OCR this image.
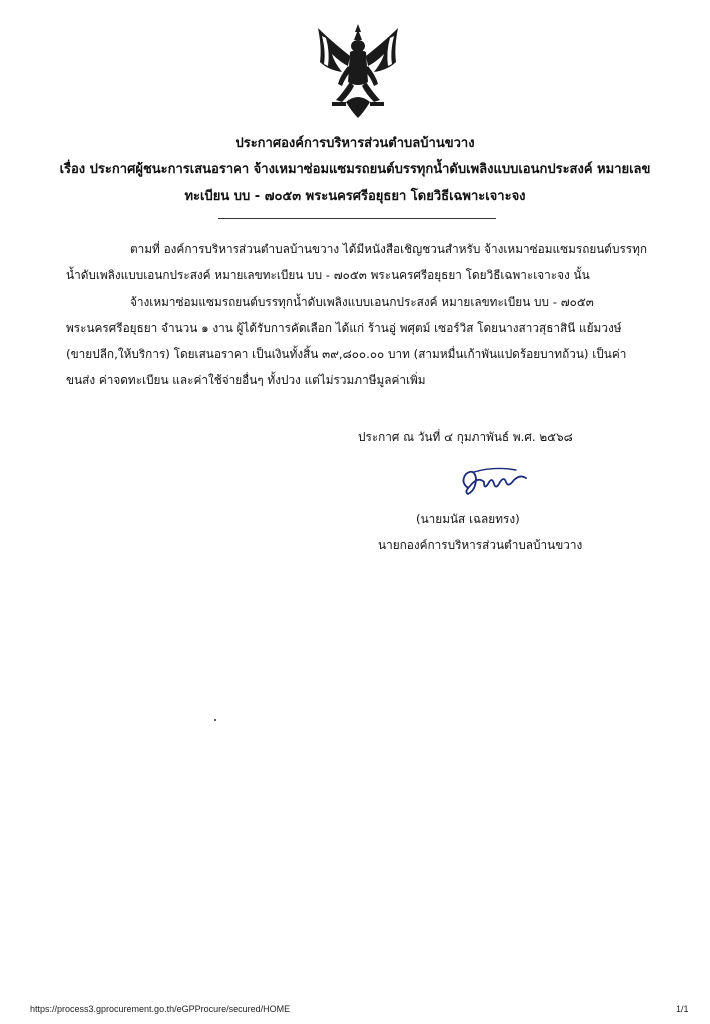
ประกาศองค์การบริหารส่วนตำบลบ้านขวาง
เรื่อง ประกาศผู้ชนะการเสนอราคา จ้างเหมาซ่อมแซมรถยนต์บรรทุกน้ำดับเพลิงแบบเอนกประสงค์ หมายเลข
ทะเบียน บบ - ๗๐๕๓ พระนครศรีอยุธยา โดยวิธีเฉพาะเจาะจง
ตามที่ องค์การบริหารส่วนตำบลบ้านขวาง ได้มีหนังสือเชิญชวนสำหรับ จ้างเหมาซ่อมแซมรถยนต์บรรทุก
น้ำดับเพลิงแบบเอนกประสงค์ หมายเลขทะเบียน บบ - ๗๐๕๓ พระนครศรีอยุธยา โดยวิธีเฉพาะเจาะจง นั้น
จ้างเหมาซ่อมแซมรถยนต์บรรทุกน้ำดับเพลิงแบบเอนกประสงค์ หมายเลขทะเบียน บบ - ๗๐๕๓
พระนครศรีอยุธยา จำนวน ๑ งาน ผู้ได้รับการคัดเลือก ได้แก่ ร้านอู่ พศุตม์ เซอร์วิส โดยนางสาวสุธาสินี แย้มวงษ์
(ขายปลีก,ให้บริการ) โดยเสนอราคา เป็นเงินทั้งสิ้น ๓๙,๘๐๐.๐๐ บาท (สามหมื่นเก้าพันแปดร้อยบาทถ้วน) เป็นค่า
ขนส่ง ค่าจดทะเบียน และค่าใช้จ่ายอื่นๆ ทั้งปวง แต่ไม่รวมภาษีมูลค่าเพิ่ม
ประกาศ ณ วันที่ ๔ กุมภาพันธ์ พ.ศ. ๒๕๖๘
(นายมนัส เฉลยทรง)
นายกองค์การบริหารส่วนตำบลบ้านขวาง
https://process3.gprocurement.go.th/eGPProcure/secured/HOME	1/1
